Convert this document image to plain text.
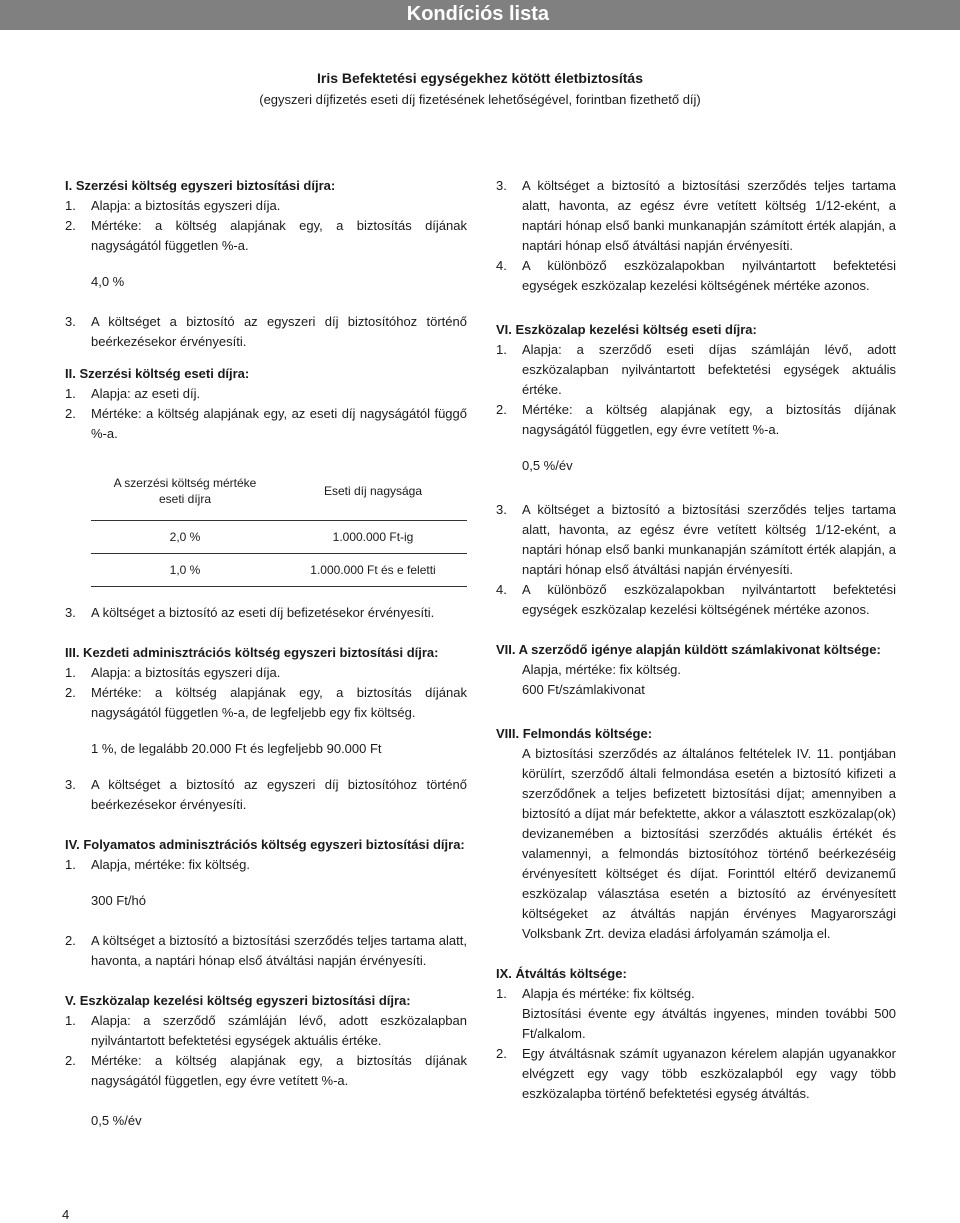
Kondíciós lista
Iris Befektetési egységekhez kötött életbiztosítás
(egyszeri díjfizetés eseti díj fizetésének lehetőségével, forintban fizethető díj)

I. Szerzési költség egyszeri biztosítási díjra:

1.	Alapja: a biztosítás egyszeri díja.
2.	Mértéke: a költség alapjának egy, a biztosítás díjának nagyságától független %-a.
4,0 %
3.	A költséget a biztosító az egyszeri díj biztosítóhoz történő beérkezésekor érvényesíti.

II. Szerzési költség eseti díjra:

1.	Alapja: az eseti díj.
2.	Mértéke: a költség alapjának egy, az eseti díj nagyságától függő %-a.
A szerzési költség mértéke eseti díjra	Eseti díj nagysága
2,0 %	1.000.000 Ft-ig
1,0 %	1.000.000 Ft és e feletti
3.	A költséget a biztosító az eseti díj befizetésekor érvényesíti.

III. Kezdeti adminisztrációs költség egyszeri biztosítási díjra:

1.	Alapja: a biztosítás egyszeri díja.
2.	Mértéke: a költség alapjának egy, a biztosítás díjának nagyságától független %-a, de legfeljebb egy fix költség.
1 %, de legalább 20.000 Ft és legfeljebb 90.000 Ft
3.	A költséget a biztosító az egyszeri díj biztosítóhoz történő beérkezésekor érvényesíti.

IV. Folyamatos adminisztrációs költség egyszeri biztosítási díjra:

1.	Alapja, mértéke: fix költség.
300 Ft/hó
2.	A költséget a biztosító a biztosítási szerződés teljes tartama alatt, havonta, a naptári hónap első átváltási napján érvényesíti.

V. Eszközalap kezelési költség egyszeri biztosítási díjra:

1.	Alapja: a szerződő számláján lévő, adott eszközalapban nyilvántartott befektetési egységek aktuális értéke.
2.	Mértéke: a költség alapjának egy, a biztosítás díjának nagyságától független, egy évre vetített %-a.
0,5 %/év
3.	A költséget a biztosító a biztosítási szerződés teljes tartama alatt, havonta, az egész évre vetített költség 1/12-eként, a naptári hónap első banki munkanapján számított érték alapján, a naptári hónap első átváltási napján érvényesíti.
4.	A különböző eszközalapokban nyilvántartott befektetési egységek eszközalap kezelési költségének mértéke azonos.

VI. Eszközalap kezelési költség eseti díjra:

1.	Alapja: a szerződő eseti díjas számláján lévő, adott eszközalapban nyilvántartott befektetési egységek aktuális értéke.
2.	Mértéke: a költség alapjának egy, a biztosítás díjának nagyságától független, egy évre vetített %-a.
0,5 %/év
3.	A költséget a biztosító a biztosítási szerződés teljes tartama alatt, havonta, az egész évre vetített költség 1/12-eként, a naptári hónap első banki munkanapján számított érték alapján, a naptári hónap első átváltási napján érvényesíti.
4.	A különböző eszközalapokban nyilvántartott befektetési egységek eszközalap kezelési költségének mértéke azonos.

VII. A szerződő igénye alapján küldött számlakivonat költsége:

Alapja, mértéke: fix költség.
600 Ft/számlakivonat

VIII. Felmondás költsége:

A biztosítási szerződés az általános feltételek IV. 11. pontjában körülírt, szerződő általi felmondása esetén a biztosító kifizeti a szerződőnek a teljes befizetett biztosítási díjat; amennyiben a biztosító a díjat már befektette, akkor a választott eszközalap(ok) devizanemében a biztosítási szerződés aktuális értékét és valamennyi, a felmondás biztosítóhoz történő beérkezéséig érvényesített költséget és díjat. Forinttól eltérő devizanemű eszközalap választása esetén a biztosító az érvényesített költségeket az átváltás napján érvényes Magyarországi Volksbank Zrt. deviza eladási árfolyamán számolja el.

IX. Átváltás költsége:

1.	Alapja és mértéke: fix költség.
Biztosítási évente egy átváltás ingyenes, minden további 500 Ft/alkalom.
2.	Egy átváltásnak számít ugyanazon kérelem alapján ugyanakkor elvégzett egy vagy több eszközalapból egy vagy több eszközalapba történő befektetési egység átváltás.
4
